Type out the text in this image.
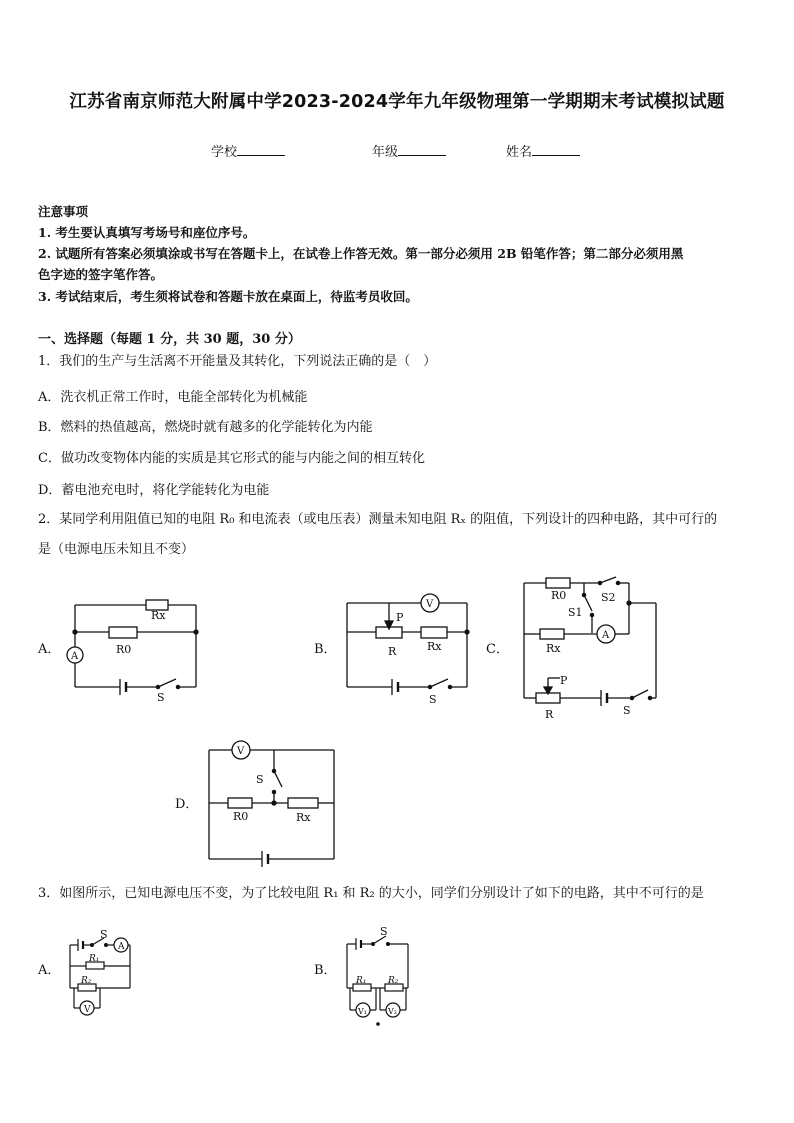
江苏省南京师范大附属中学2023-2024学年九年级物理第一学期期末考试模拟试题
学校	年级	姓名
注意事项
1. 考生要认真填写考场号和座位序号。
2. 试题所有答案必须填涂或书写在答题卡上，在试卷上作答无效。第一部分必须用 2B 铅笔作答；第二部分必须用黑
色字迹的签字笔作答。
3. 考试结束后，考生须将试卷和答题卡放在桌面上，待监考员收回。
一、选择题（每题 1 分，共 30 题，30 分）
1．我们的生产与生活离不开能量及其转化，下列说法正确的是（　）
A．洗衣机正常工作时，电能全部转化为机械能
B．燃料的热值越高，燃烧时就有越多的化学能转化为内能
C．做功改变物体内能的实质是其它形式的能与内能之间的相互转化
D．蓄电池充电时，将化学能转化为电能
2．某同学利用阻值已知的电阻 R₀ 和电流表（或电压表）测量未知电阻 Rₓ 的阻值，下列设计的四种电路，其中可行的
是（电源电压未知且不变）
A．
Rx
R0
A
S
B．
V
P
R	Rx
S
C．
R0	S2
S1
A
Rx
P
R	S
D．
V
S
R0	Rx
3．如图所示，已知电源电压不变，为了比较电阻 R₁ 和 R₂ 的大小，同学们分别设计了如下的电路，其中不可行的是
A．
S
A
R₁
R₂
V
B．
S
R₁ R₂
V₁	V₂
